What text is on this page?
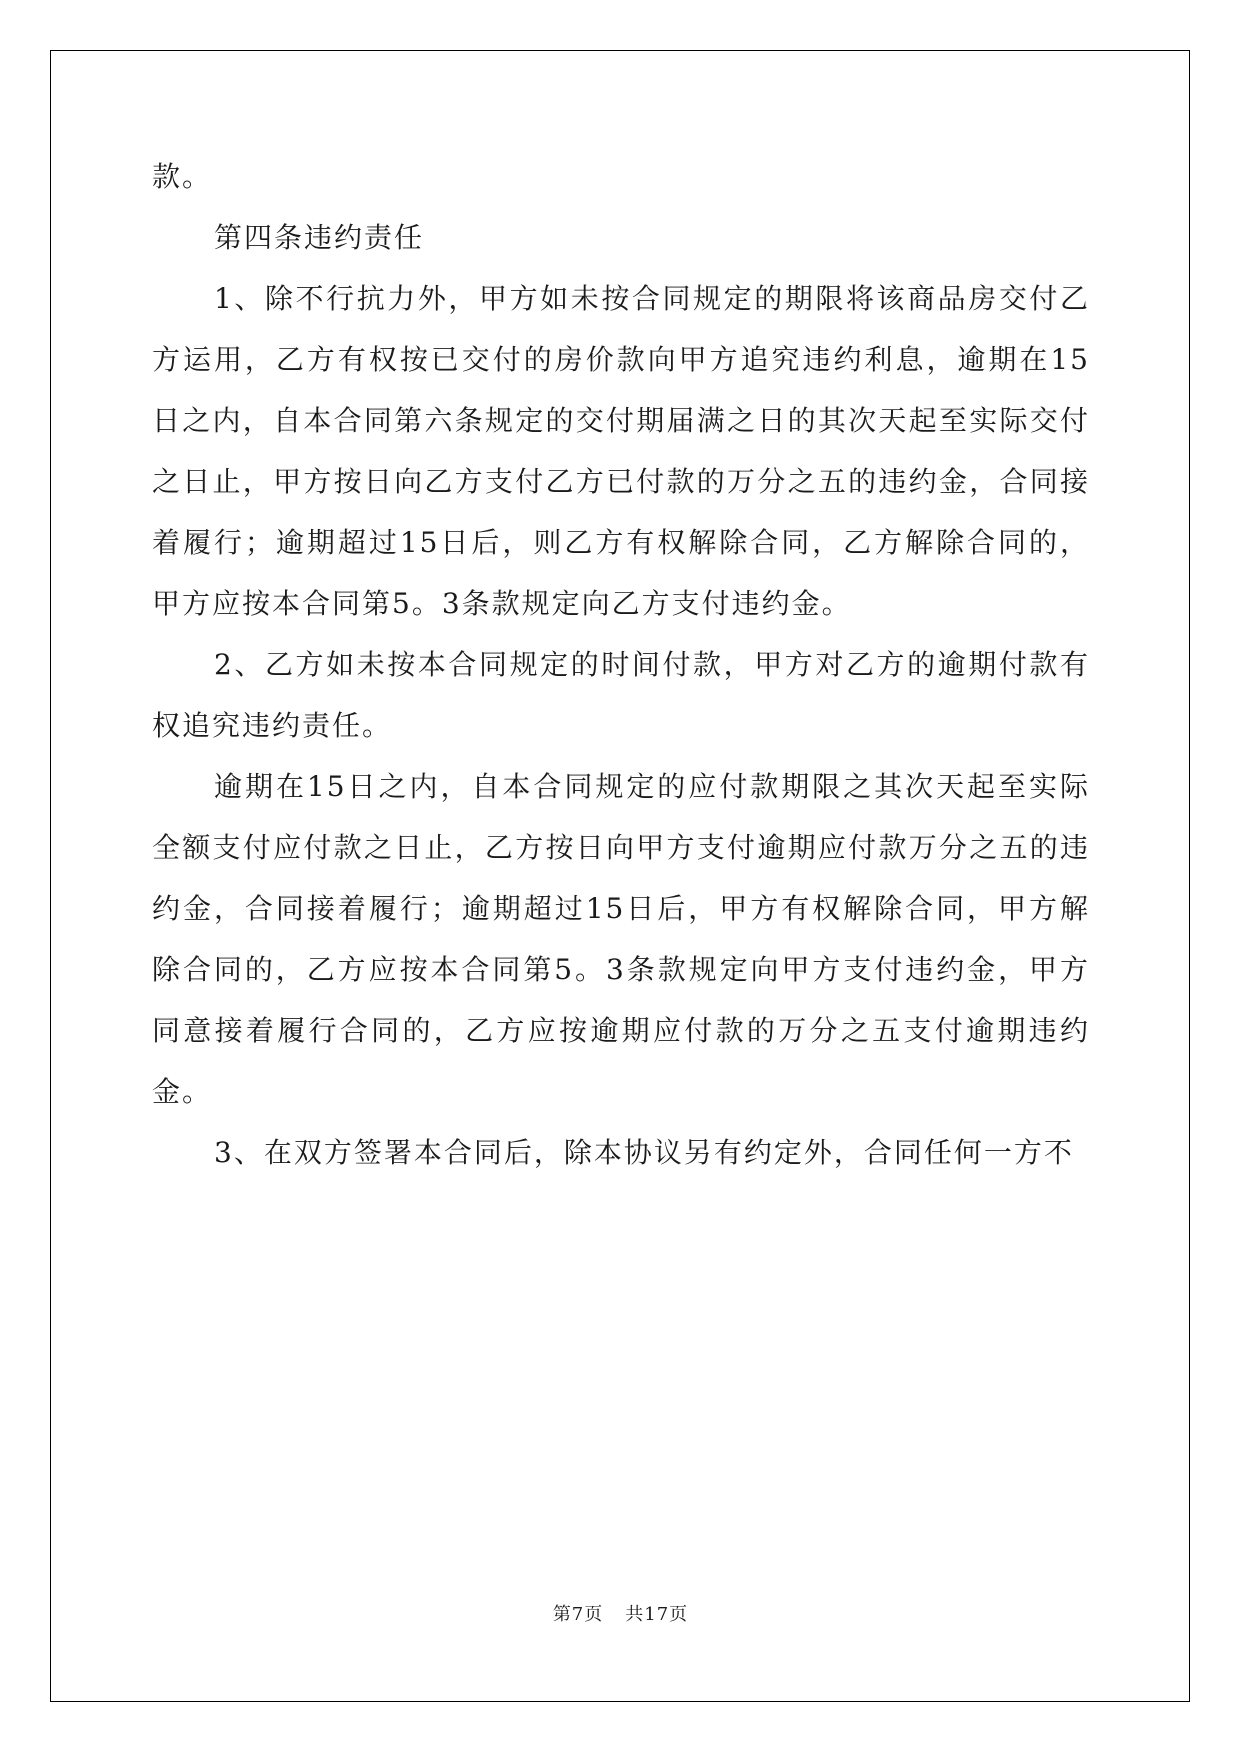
款。

第四条违约责任

1、除不行抗力外，甲方如未按合同规定的期限将该商品房交付乙方运用，乙方有权按已交付的房价款向甲方追究违约利息，逾期在15日之内，自本合同第六条规定的交付期届满之日的其次天起至实际交付之日止，甲方按日向乙方支付乙方已付款的万分之五的违约金，合同接着履行；逾期超过15日后，则乙方有权解除合同，乙方解除合同的，甲方应按本合同第5。3条款规定向乙方支付违约金。

2、乙方如未按本合同规定的时间付款，甲方对乙方的逾期付款有权追究违约责任。

逾期在15日之内，自本合同规定的应付款期限之其次天起至实际全额支付应付款之日止，乙方按日向甲方支付逾期应付款万分之五的违约金，合同接着履行；逾期超过15日后，甲方有权解除合同，甲方解除合同的，乙方应按本合同第5。3条款规定向甲方支付违约金，甲方同意接着履行合同的，乙方应按逾期应付款的万分之五支付逾期违约金。

3、在双方签署本合同后，除本协议另有约定外，合同任何一方不

第7页 共17页
